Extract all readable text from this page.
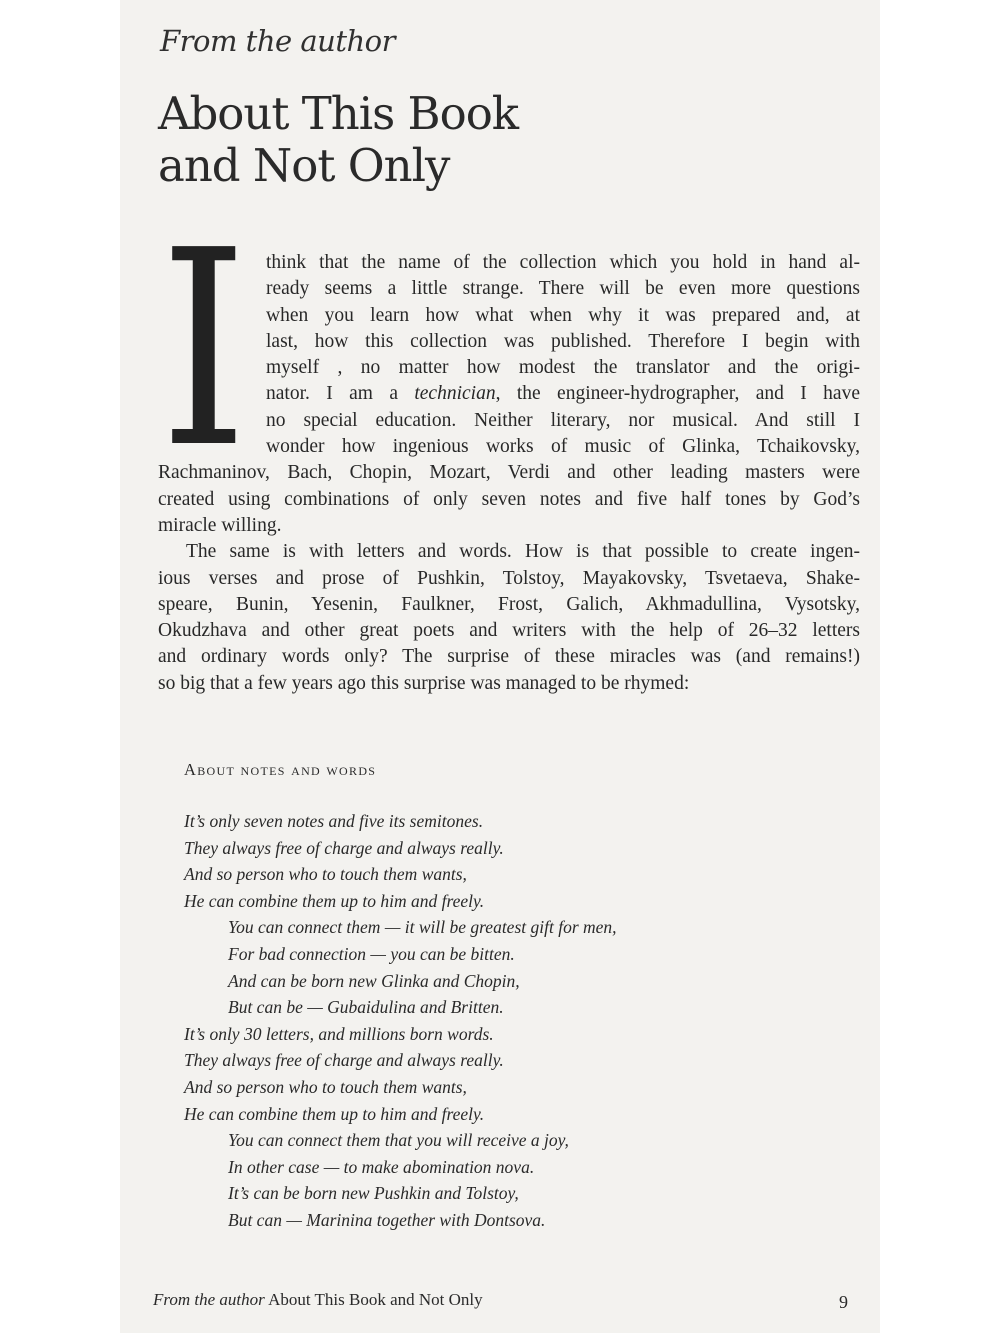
From the author
About This Book
and Not Only
I think that the name of the collection which you hold in hand al-
ready seems a little strange. There will be even more questions
when you learn how what when why it was prepared and, at
last, how this collection was published. Therefore I begin with
myself , no matter how modest the translator and the origi-
nator. I am a technician, the engineer-hydrographer, and I have
no special education. Neither literary, nor musical. And still I
wonder how ingenious works of music of Glinka, Tchaikovsky,
Rachmaninov, Bach, Chopin, Mozart, Verdi and other leading masters were
created using combinations of only seven notes and five half tones by God’s
miracle willing.
The same is with letters and words. How is that possible to create ingen-
ious verses and prose of Pushkin, Tolstoy, Mayakovsky, Tsvetaeva, Shake-
speare, Bunin, Yesenin, Faulkner, Frost, Galich, Akhmadullina, Vysotsky,
Okudzhava and other great poets and writers with the help of 26–32 letters
and ordinary words only? The surprise of these miracles was (and remains!)
so big that a few years ago this surprise was managed to be rhymed:
About notes and words
It’s only seven notes and five its semitones.
They always free of charge and always really.
And so person who to touch them wants,
He can combine them up to him and freely.
You can connect them — it will be greatest gift for men,
For bad connection — you can be bitten.
And can be born new Glinka and Chopin,
But can be — Gubaidulina and Britten.
It’s only 30 letters, and millions born words.
They always free of charge and always really.
And so person who to touch them wants,
He can combine them up to him and freely.
You can connect them that you will receive a joy,
In other case — to make abomination nova.
It’s can be born new Pushkin and Tolstoy,
But can — Marinina together with Dontsova.
From the author About This Book and Not Only	9
